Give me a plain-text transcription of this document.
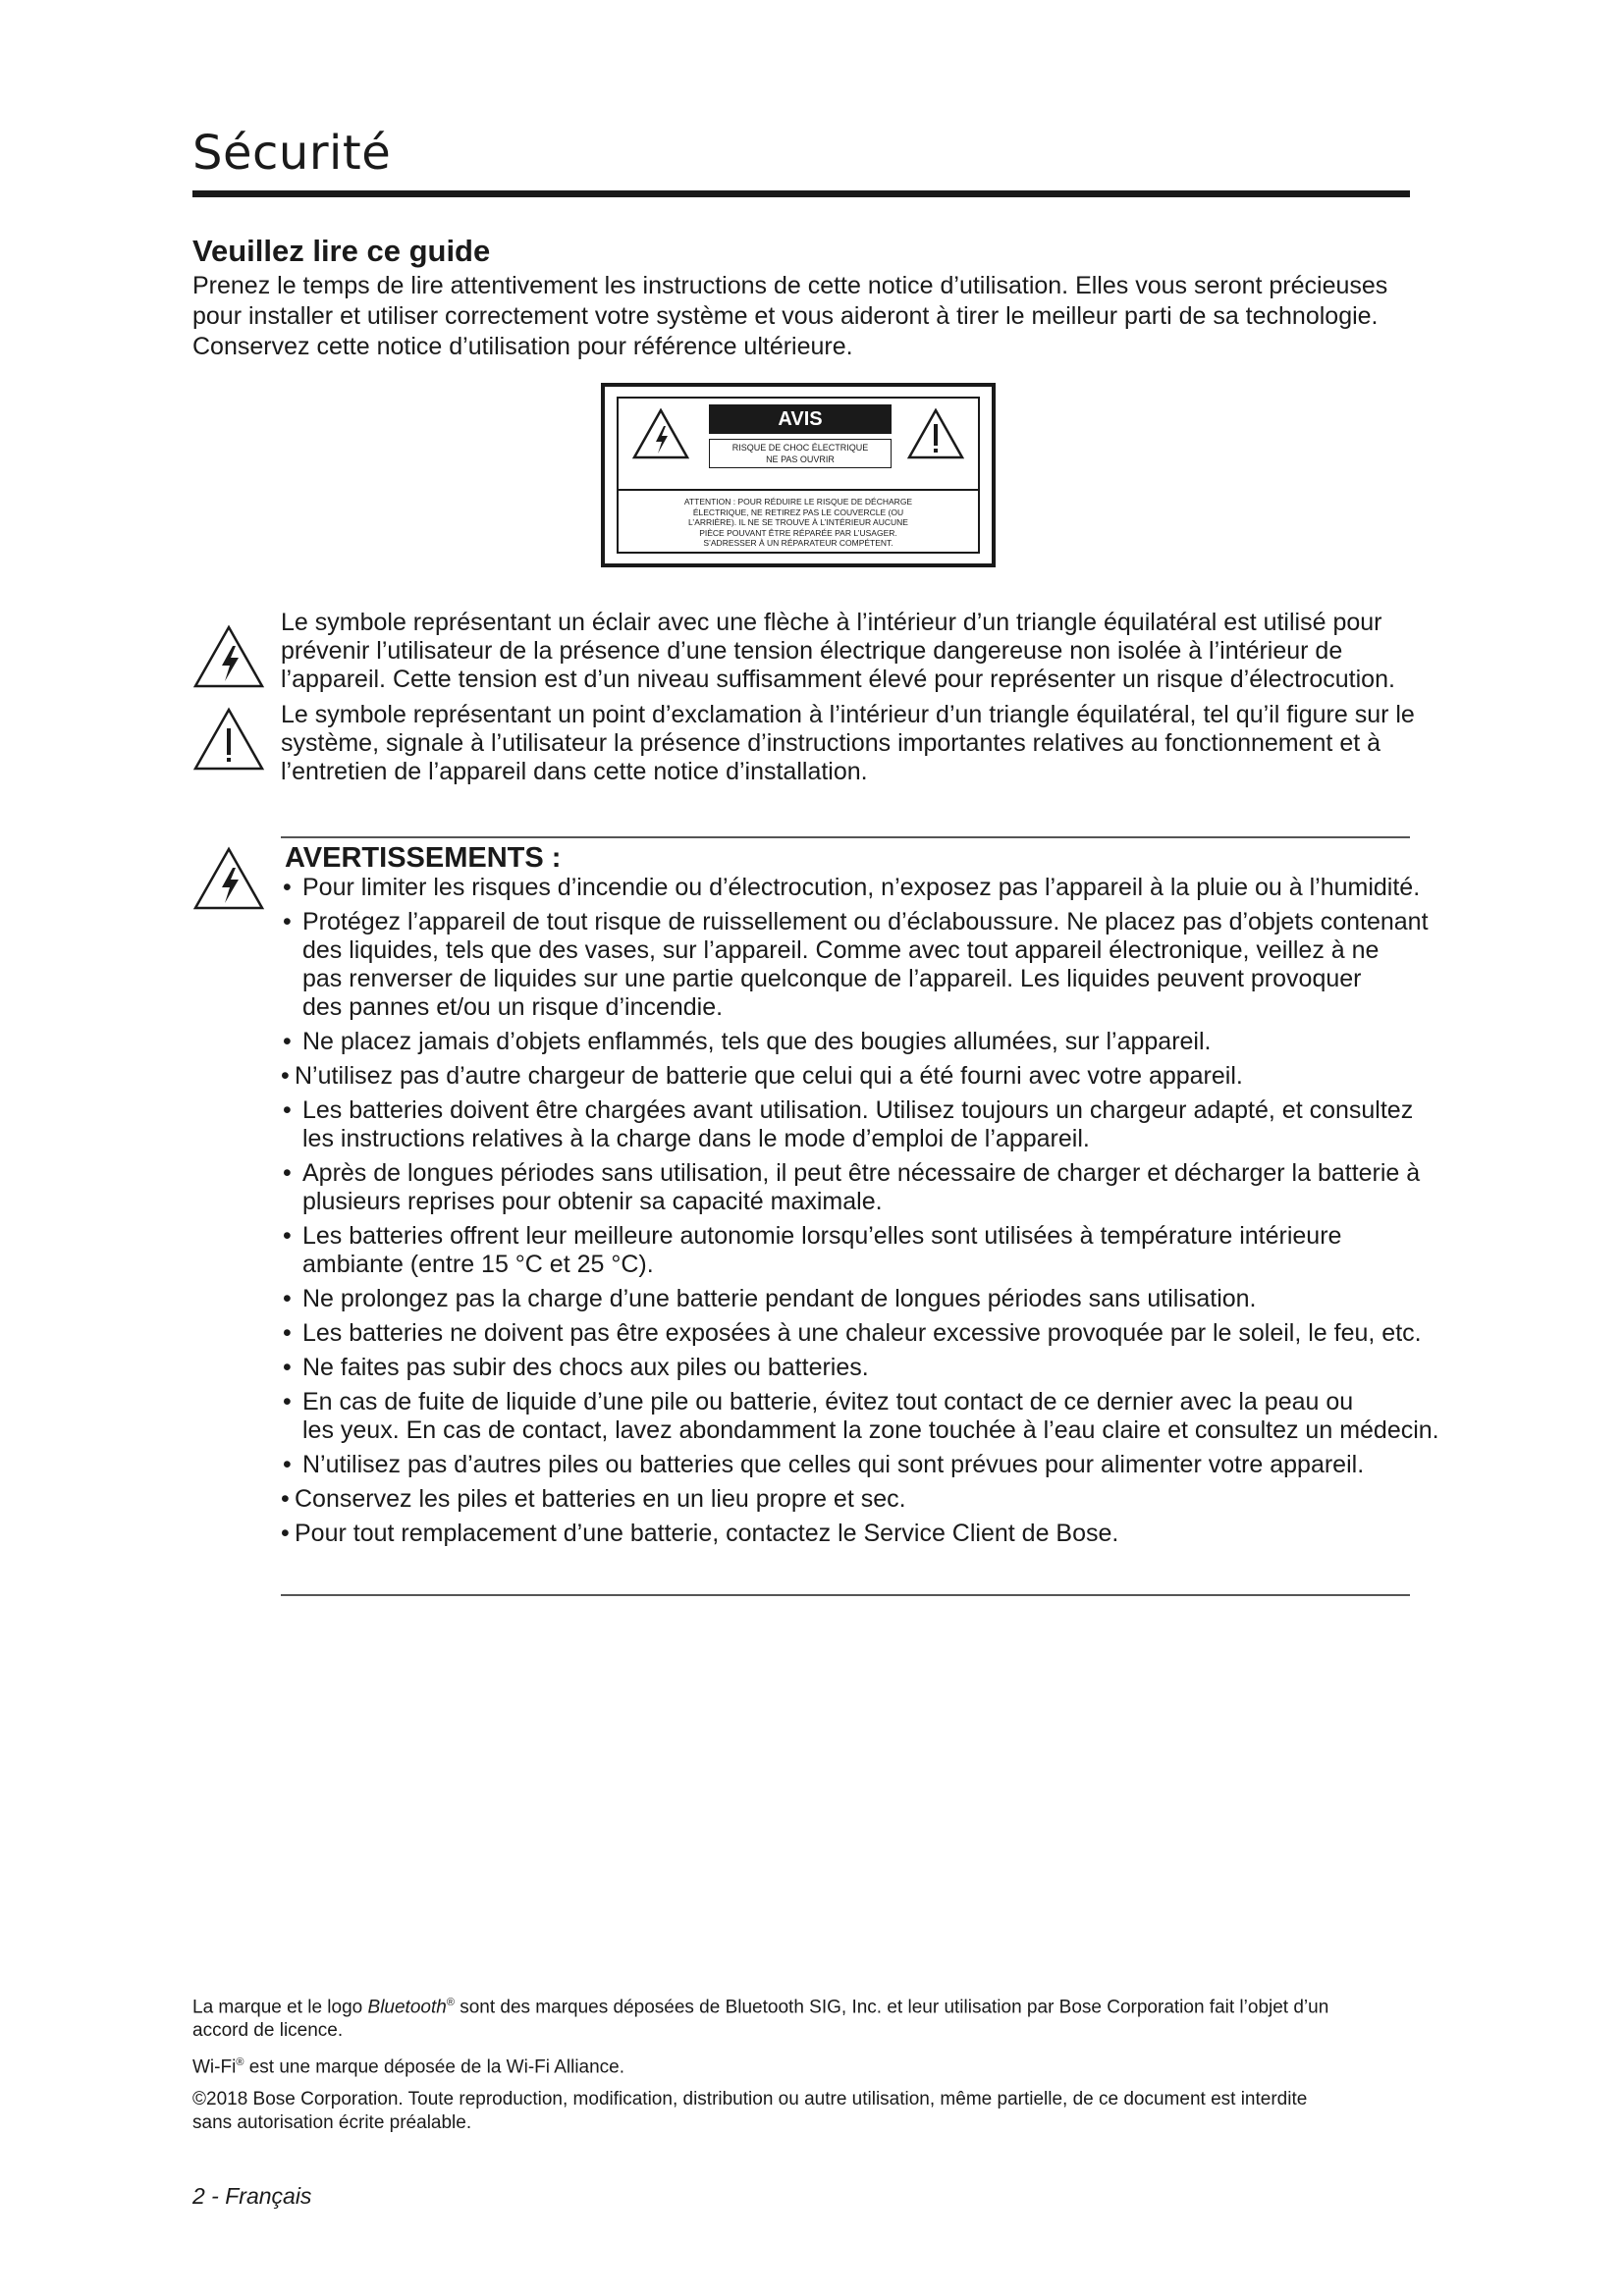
Sécurité
Veuillez lire ce guide

Prenez le temps de lire attentivement les instructions de cette notice d’utilisation. Elles vous seront précieuses
pour installer et utiliser correctement votre système et vous aideront à tirer le meilleur parti de sa technologie.
Conservez cette notice d’utilisation pour référence ultérieure.

AVIS
RISQUE DE CHOC ÉLECTRIQUE
NE PAS OUVRIR
ATTENTION : POUR RÉDUIRE LE RISQUE DE DÉCHARGE
ÉLECTRIQUE, NE RETIREZ PAS LE COUVERCLE (OU
L’ARRIÈRE). IL NE SE TROUVE À L’INTÉRIEUR AUCUNE
PIÈCE POUVANT ÊTRE RÉPARÉE PAR L’USAGER.
S’ADRESSER À UN RÉPARATEUR COMPÉTENT.

Le symbole représentant un éclair avec une flèche à l’intérieur d’un triangle équilatéral est utilisé pour
prévenir l’utilisateur de la présence d’une tension électrique dangereuse non isolée à l’intérieur de
l’appareil. Cette tension est d’un niveau suffisamment élevé pour représenter un risque d’électrocution.

Le symbole représentant un point d’exclamation à l’intérieur d’un triangle équilatéral, tel qu’il figure sur le
système, signale à l’utilisateur la présence d’instructions importantes relatives au fonctionnement et à
l’entretien de l’appareil dans cette notice d’installation.

AVERTISSEMENTS :
• Pour limiter les risques d’incendie ou d’électrocution, n’exposez pas l’appareil à la pluie ou à l’humidité.
• Protégez l’appareil de tout risque de ruissellement ou d’éclaboussure. Ne placez pas d’objets contenant
des liquides, tels que des vases, sur l’appareil. Comme avec tout appareil électronique, veillez à ne
pas renverser de liquides sur une partie quelconque de l’appareil. Les liquides peuvent provoquer
des pannes et/ou un risque d’incendie.
• Ne placez jamais d’objets enflammés, tels que des bougies allumées, sur l’appareil.
• N’utilisez pas d’autre chargeur de batterie que celui qui a été fourni avec votre appareil.
• Les batteries doivent être chargées avant utilisation. Utilisez toujours un chargeur adapté, et consultez
les instructions relatives à la charge dans le mode d’emploi de l’appareil.
• Après de longues périodes sans utilisation, il peut être nécessaire de charger et décharger la batterie à
plusieurs reprises pour obtenir sa capacité maximale.
• Les batteries offrent leur meilleure autonomie lorsqu’elles sont utilisées à température intérieure
ambiante (entre 15 °C et 25 °C).
• Ne prolongez pas la charge d’une batterie pendant de longues périodes sans utilisation.
• Les batteries ne doivent pas être exposées à une chaleur excessive provoquée par le soleil, le feu, etc.
• Ne faites pas subir des chocs aux piles ou batteries.
• En cas de fuite de liquide d’une pile ou batterie, évitez tout contact de ce dernier avec la peau ou
les yeux. En cas de contact, lavez abondamment la zone touchée à l’eau claire et consultez un médecin.
• N’utilisez pas d’autres piles ou batteries que celles qui sont prévues pour alimenter votre appareil.
• Conservez les piles et batteries en un lieu propre et sec.
• Pour tout remplacement d’une batterie, contactez le Service Client de Bose.

La marque et le logo Bluetooth® sont des marques déposées de Bluetooth SIG, Inc. et leur utilisation par Bose Corporation fait l’objet d’un
accord de licence.

Wi-Fi® est une marque déposée de la Wi-Fi Alliance.

©2018 Bose Corporation. Toute reproduction, modification, distribution ou autre utilisation, même partielle, de ce document est interdite
sans autorisation écrite préalable.

2 - Français
